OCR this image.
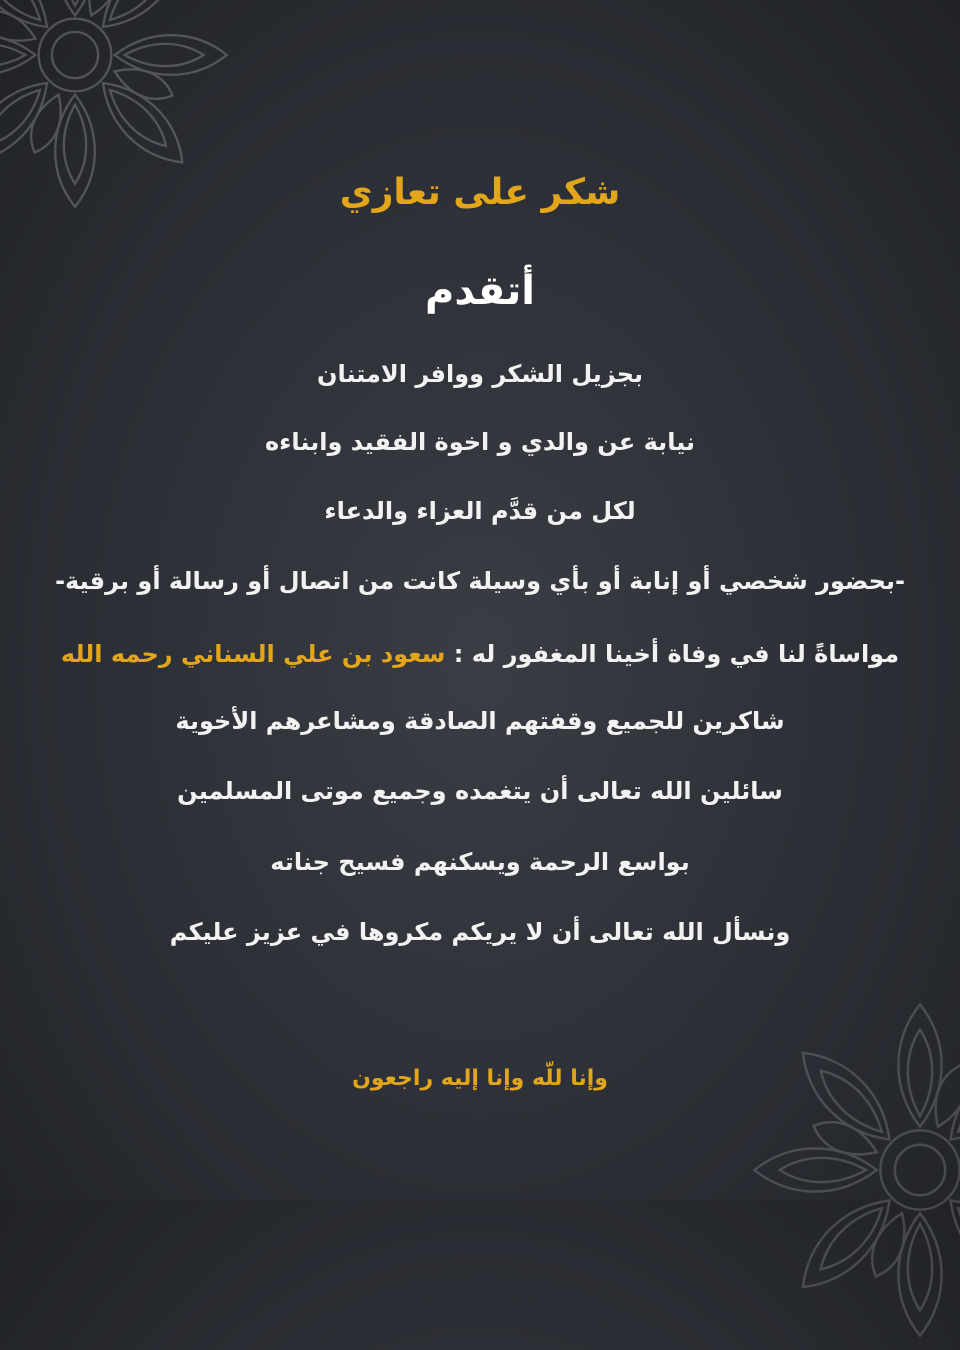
شكر على تعازي
أتقدم
بجزيل الشكر ووافر الامتنان
نيابة عن والدي و اخوة الفقيد وابناءه
لكل من قدَّم العزاء والدعاء
-بحضور شخصي أو إنابة أو بأي وسيلة كانت من اتصال أو رسالة أو برقية-
مواساةً لنا في وفاة أخينا المغفور له : سعود بن علي السناني رحمه الله
شاكرين للجميع وقفتهم الصادقة ومشاعرهم الأخوية
سائلين الله تعالى أن يتغمده وجميع موتى المسلمين
بواسع الرحمة ويسكنهم فسيح جناته
ونسأل الله تعالى أن لا يريكم مكروها في عزيز عليكم
وإنا للّه وإنا إليه راجعون
